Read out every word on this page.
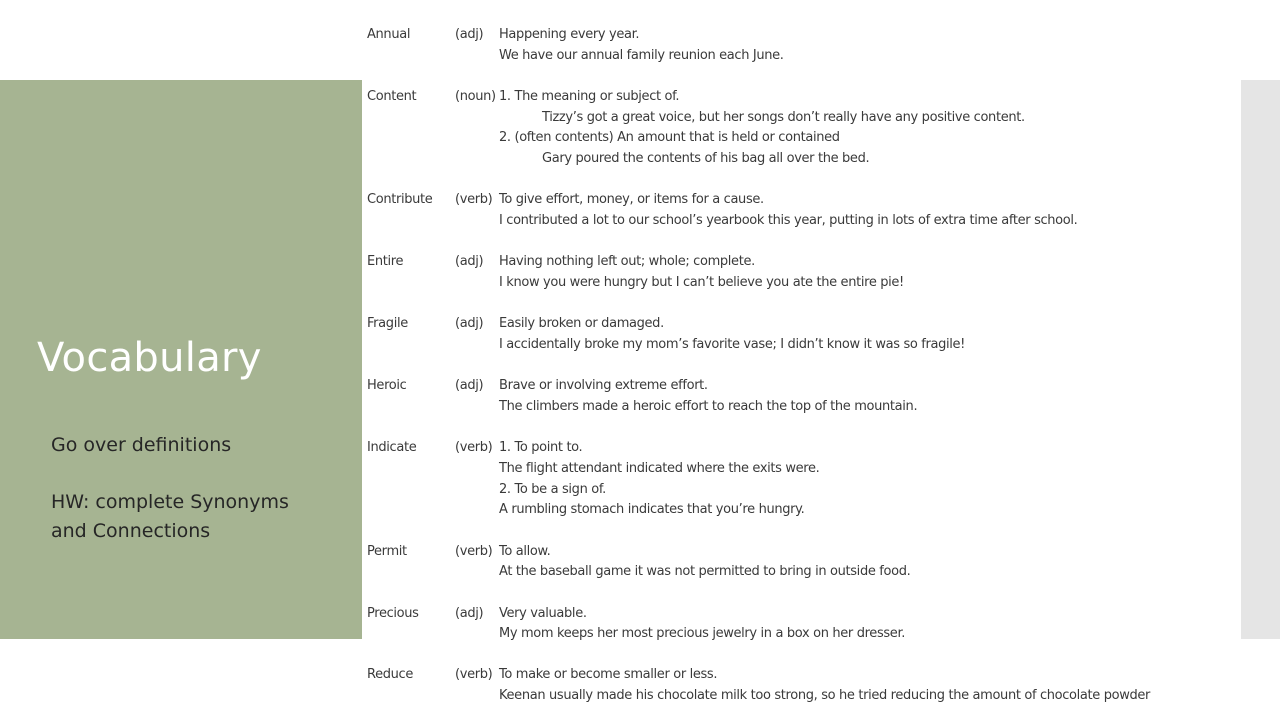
Vocabulary
Go over definitions
HW: complete Synonyms
and Connections
Annual	(adj) Happening every year.
We have our annual family reunion each June.
Content	(noun) 1. The meaning or subject of.
Tizzy’s got a great voice, but her songs don’t really have any positive content.
2. (often contents) An amount that is held or contained
Gary poured the contents of his bag all over the bed.
Contribute (verb) To give effort, money, or items for a cause.
I contributed a lot to our school’s yearbook this year, putting in lots of extra time after school.
Entire	(adj) Having nothing left out; whole; complete.
I know you were hungry but I can’t believe you ate the entire pie!
Fragile	(adj) Easily broken or damaged.
I accidentally broke my mom’s favorite vase; I didn’t know it was so fragile!
Heroic	(adj) Brave or involving extreme effort.
The climbers made a heroic effort to reach the top of the mountain.
Indicate	(verb) 1. To point to.
The flight attendant indicated where the exits were.
2. To be a sign of.
A rumbling stomach indicates that you’re hungry.
Permit	(verb) To allow.
At the baseball game it was not permitted to bring in outside food.
Precious	(adj) Very valuable.
My mom keeps her most precious jewelry in a box on her dresser.
Reduce	(verb) To make or become smaller or less.
Keenan usually made his chocolate milk too strong, so he tried reducing the amount of chocolate powder
